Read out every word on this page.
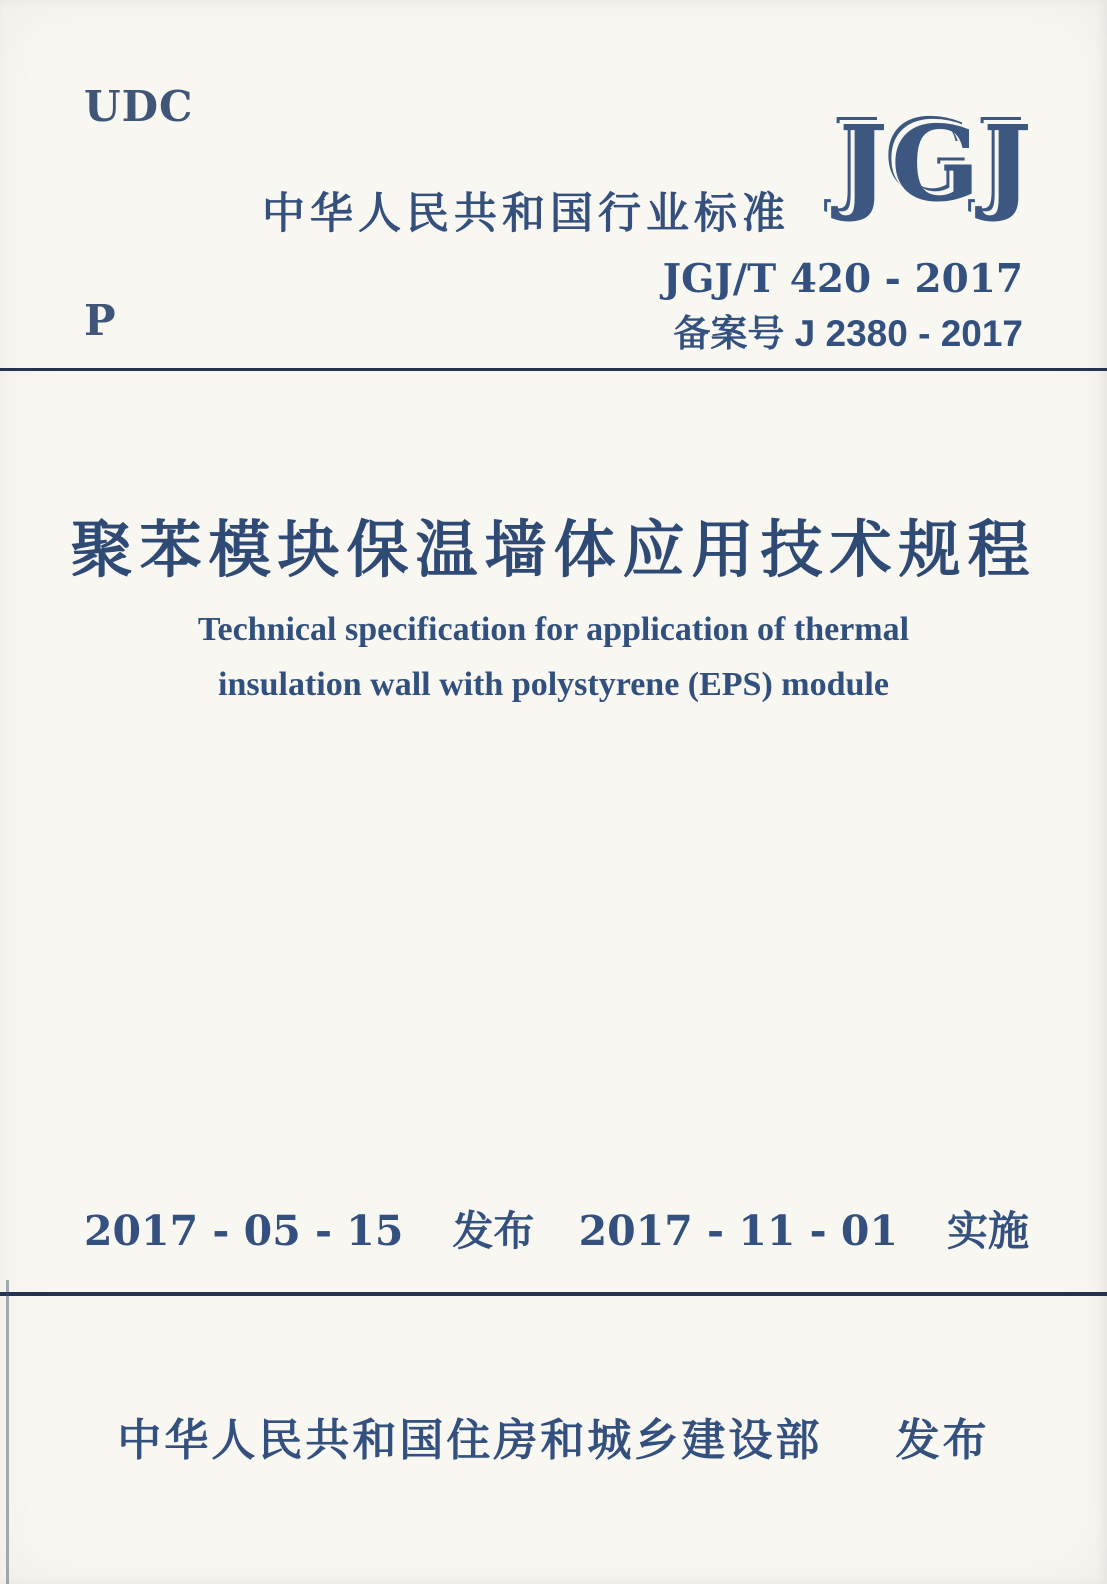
UDC
中华人民共和国行业标准 JGJ
JGJ/T 420 - 2017
备案号 J 2380 - 2017
P
聚苯模块保温墙体应用技术规程
Technical specification for application of thermal
insulation wall with polystyrene (EPS) module
2017 - 05 - 15 发布 2017 - 11 - 01 实施
中华人民共和国住房和城乡建设部 发布
